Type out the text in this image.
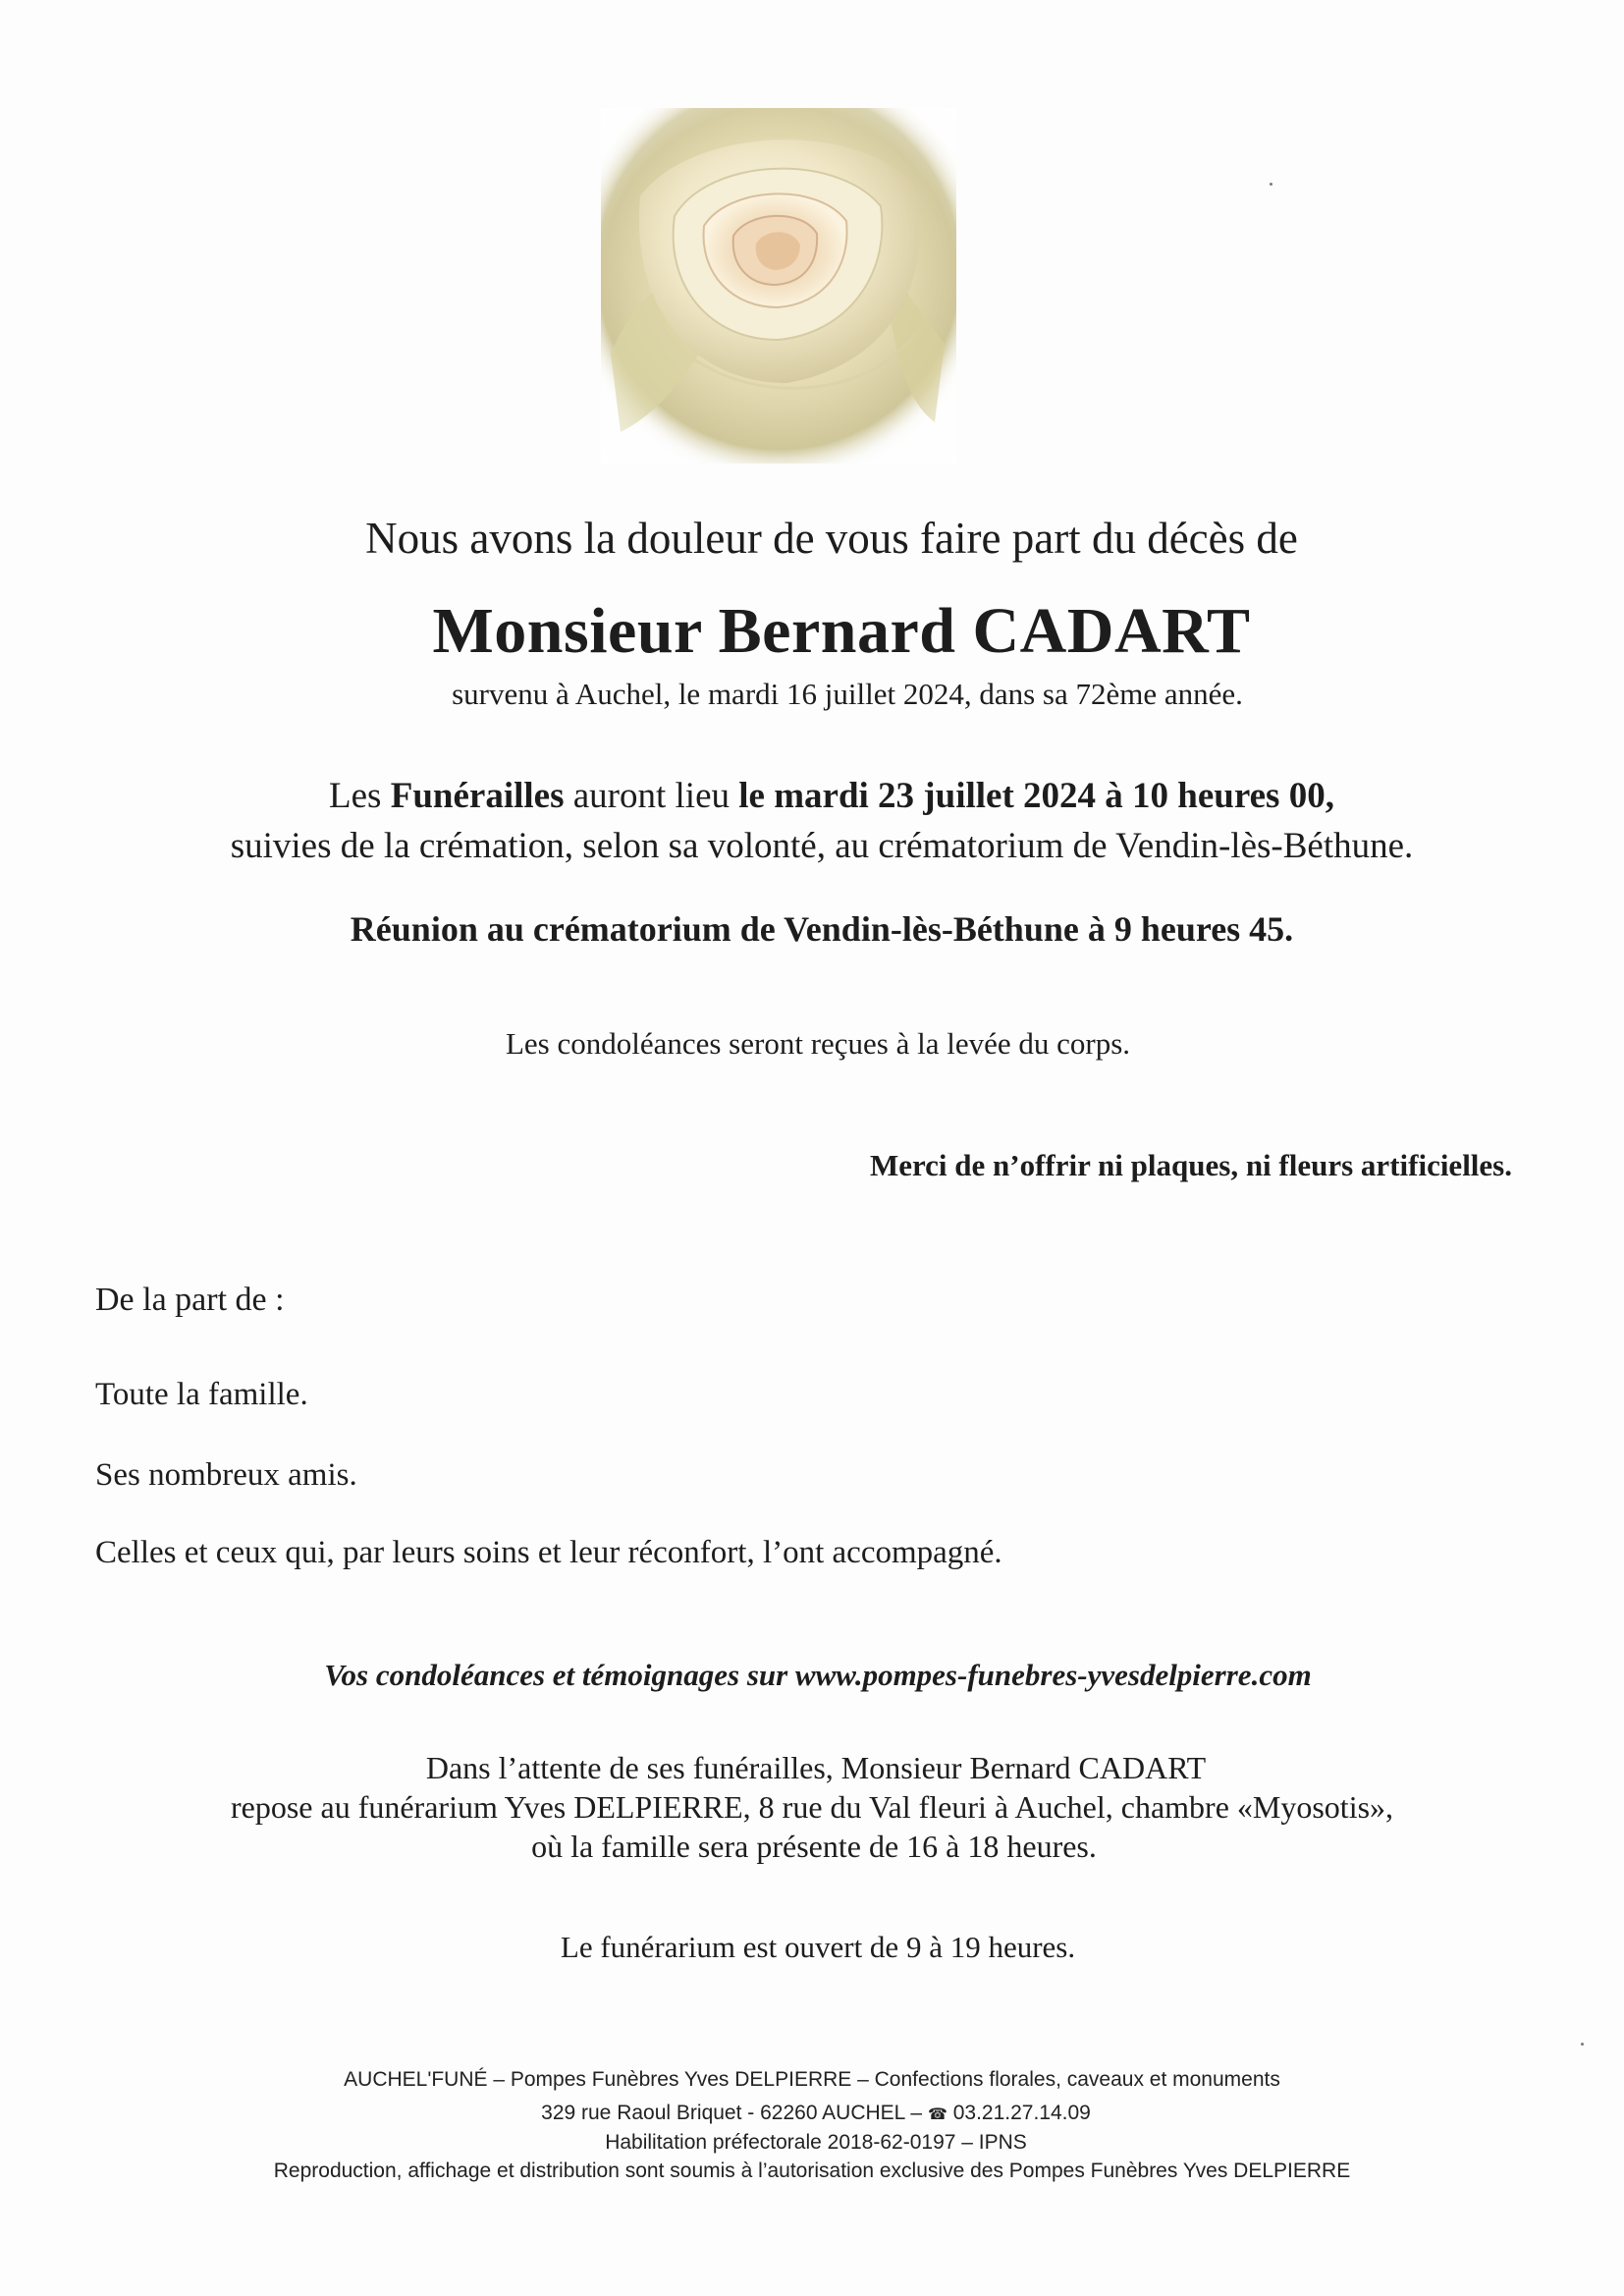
Nous avons la douleur de vous faire part du décès de

Monsieur Bernard CADART

survenu à Auchel, le mardi 16 juillet 2024, dans sa 72ème année.

Les Funérailles auront lieu le mardi 23 juillet 2024 à 10 heures 00,

suivies de la crémation, selon sa volonté, au crématorium de Vendin-lès-Béthune.

Réunion au crématorium de Vendin-lès-Béthune à 9 heures 45.

Les condoléances seront reçues à la levée du corps.

Merci de n’offrir ni plaques, ni fleurs artificielles.

De la part de :

Toute la famille.

Ses nombreux amis.

Celles et ceux qui, par leurs soins et leur réconfort, l’ont accompagné.

Vos condoléances et témoignages sur www.pompes-funebres-yvesdelpierre.com

Dans l’attente de ses funérailles, Monsieur Bernard CADART

repose au funérarium Yves DELPIERRE, 8 rue du Val fleuri à Auchel, chambre «Myosotis»,

où la famille sera présente de 16 à 18 heures.

Le funérarium est ouvert de 9 à 19 heures.

AUCHEL'FUNÉ – Pompes Funèbres Yves DELPIERRE – Confections florales, caveaux et monuments

329 rue Raoul Briquet - 62260 AUCHEL – ☎ 03.21.27.14.09

Habilitation préfectorale 2018-62-0197 – IPNS

Reproduction, affichage et distribution sont soumis à l’autorisation exclusive des Pompes Funèbres Yves DELPIERRE
